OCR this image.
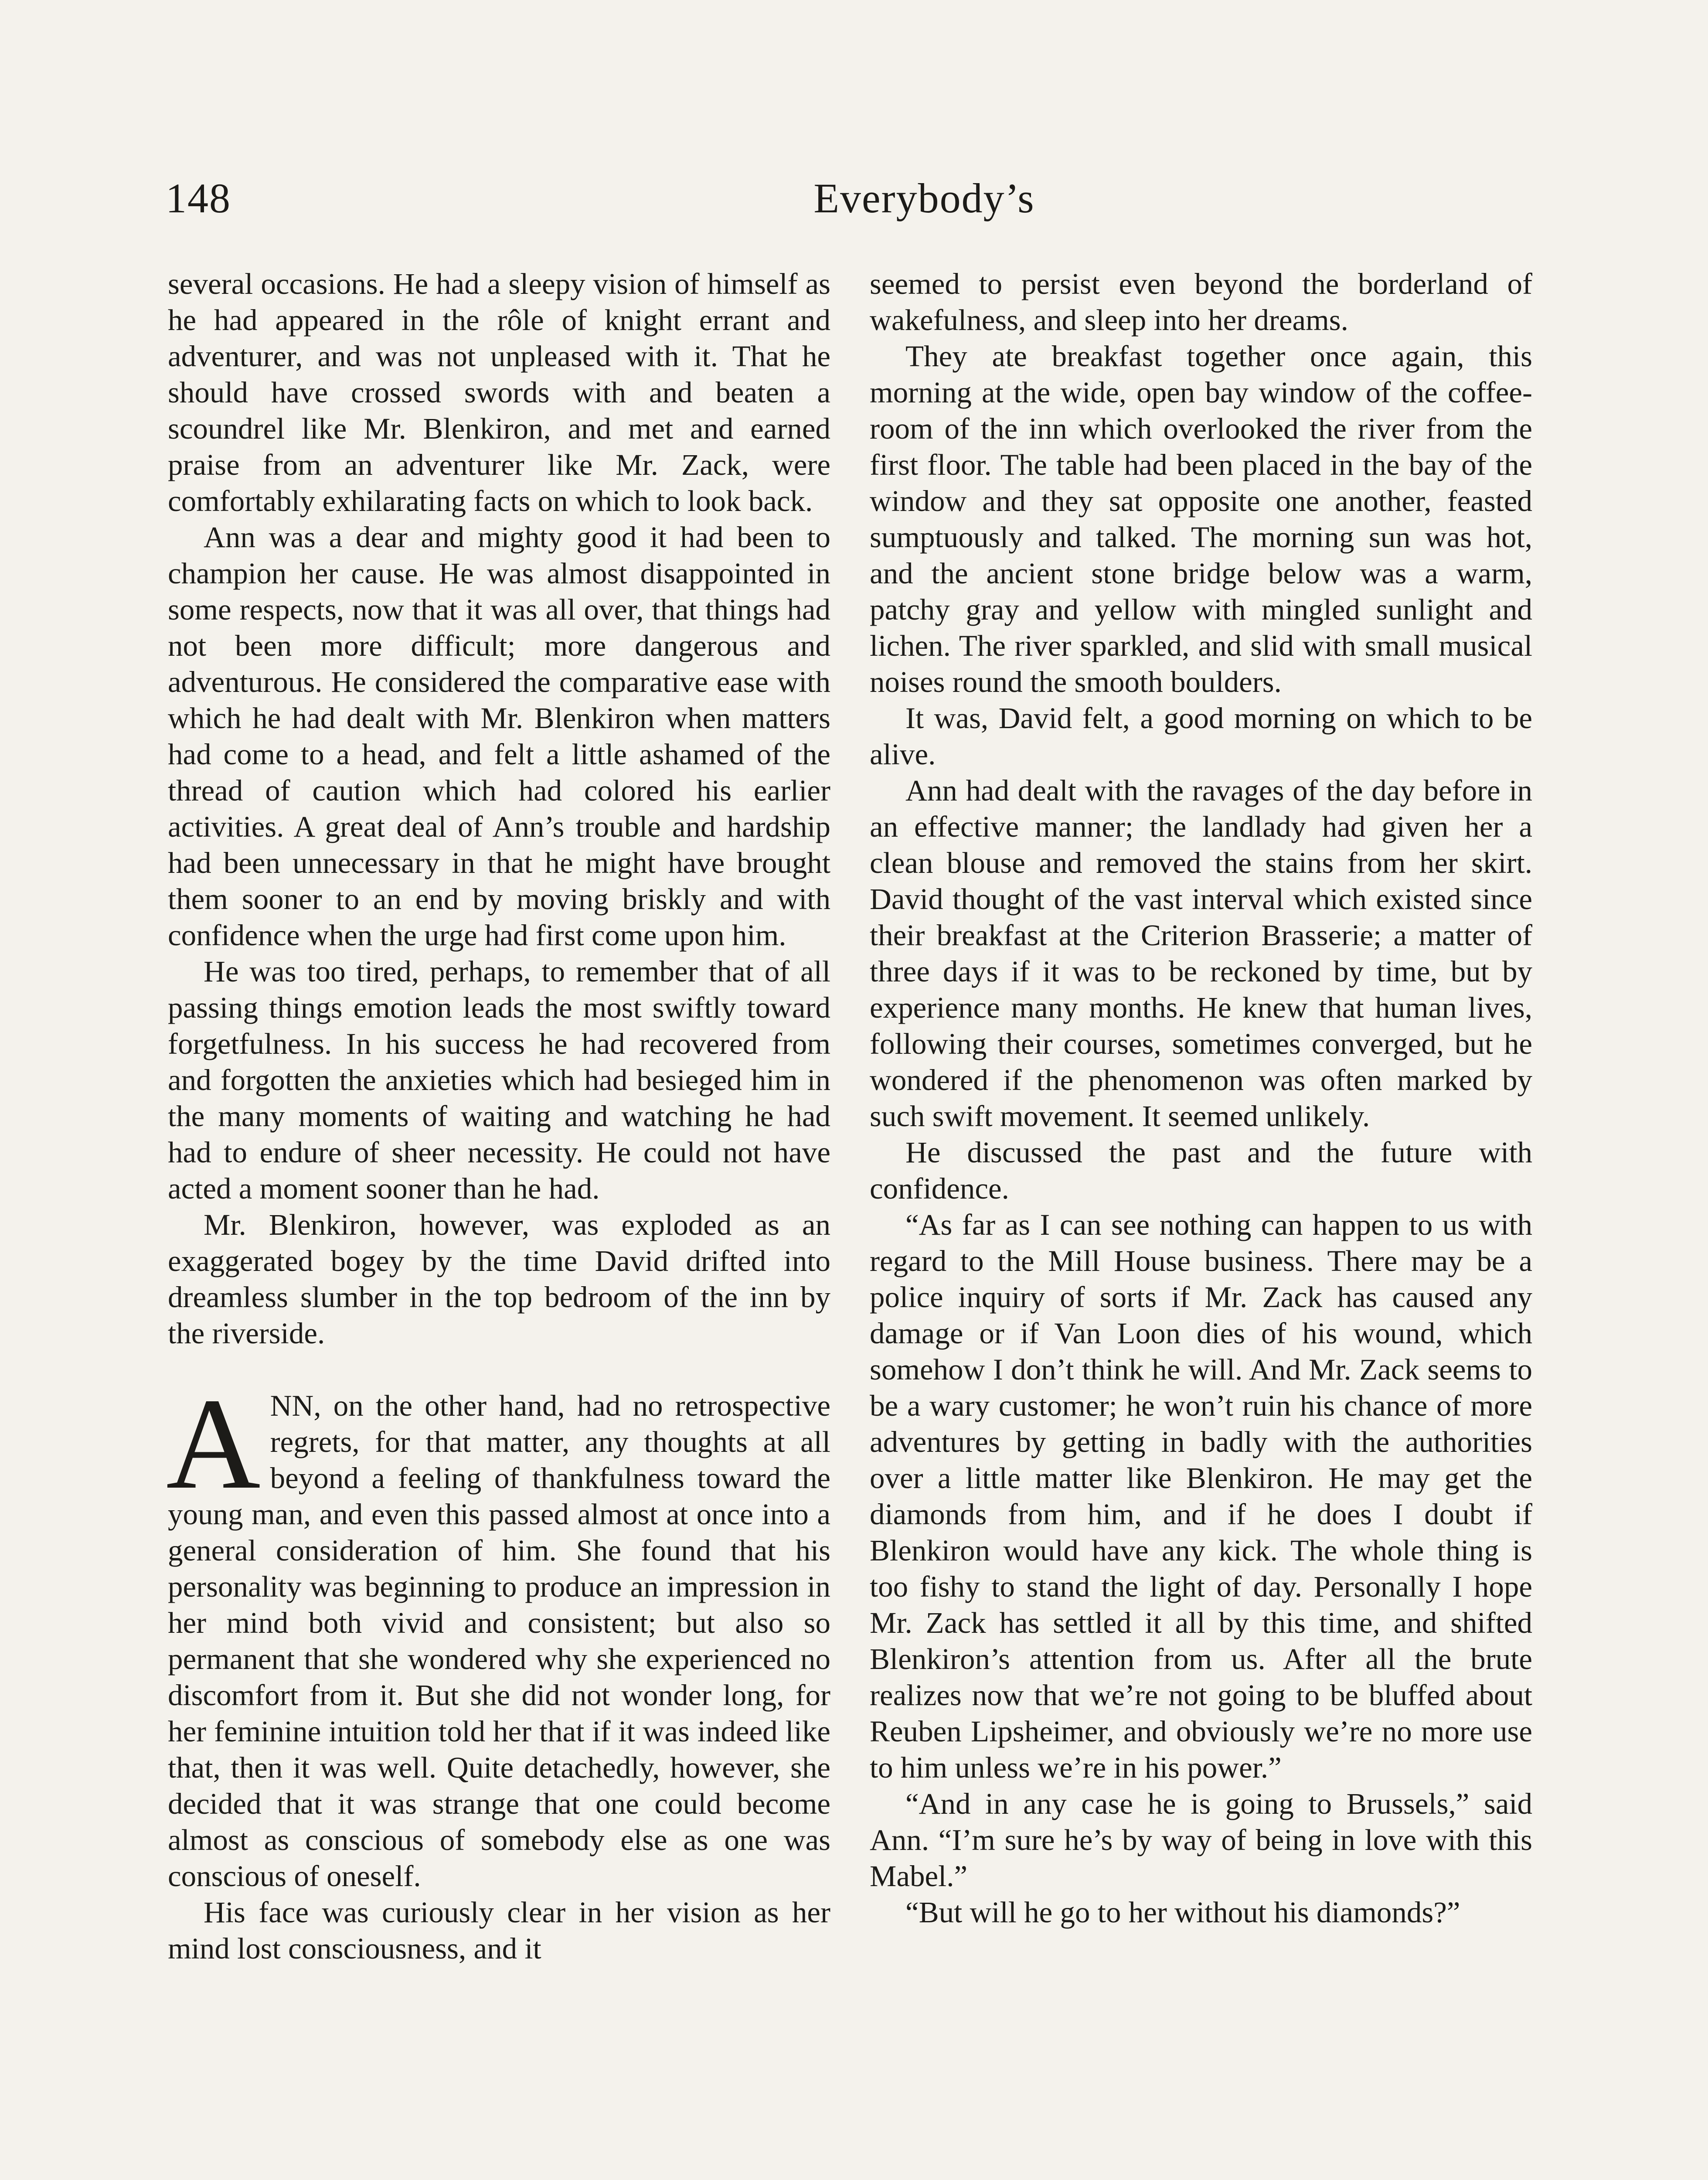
148	Everybody’s

several occasions. He had a sleepy vision of himself as he had appeared in the rôle of knight errant and adventurer, and was not unpleased with it. That he should have crossed swords with and beaten a scoundrel like Mr. Blenkiron, and met and earned praise from an adventurer like Mr. Zack, were comfortably exhilarating facts on which to look back.

Ann was a dear and mighty good it had been to champion her cause. He was almost disappointed in some respects, now that it was all over, that things had not been more difficult; more dangerous and adventurous. He considered the comparative ease with which he had dealt with Mr. Blenkiron when matters had come to a head, and felt a little ashamed of the thread of caution which had colored his earlier activities. A great deal of Ann’s trouble and hardship had been unnecessary in that he might have brought them sooner to an end by moving briskly and with confidence when the urge had first come upon him.

He was too tired, perhaps, to remember that of all passing things emotion leads the most swiftly toward forgetfulness. In his success he had recovered from and forgotten the anxieties which had besieged him in the many moments of waiting and watching he had had to endure of sheer necessity. He could not have acted a moment sooner than he had.

Mr. Blenkiron, however, was exploded as an exaggerated bogey by the time David drifted into dreamless slumber in the top bedroom of the inn by the riverside.

ANN, on the other hand, had no retrospective regrets, for that matter, any thoughts at all beyond a feeling of thankfulness toward the young man, and even this passed almost at once into a general consideration of him. She found that his personality was beginning to produce an impression in her mind both vivid and consistent; but also so permanent that she wondered why she experienced no discomfort from it. But she did not wonder long, for her feminine intuition told her that if it was indeed like that, then it was well. Quite detachedly, however, she decided that it was strange that one could become almost as conscious of somebody else as one was conscious of oneself.

His face was curiously clear in her vision as her mind lost consciousness, and it

seemed to persist even beyond the borderland of wakefulness, and sleep into her dreams.

They ate breakfast together once again, this morning at the wide, open bay window of the coffee-room of the inn which overlooked the river from the first floor. The table had been placed in the bay of the window and they sat opposite one another, feasted sumptuously and talked. The morning sun was hot, and the ancient stone bridge below was a warm, patchy gray and yellow with mingled sunlight and lichen. The river sparkled, and slid with small musical noises round the smooth boulders.

It was, David felt, a good morning on which to be alive.

Ann had dealt with the ravages of the day before in an effective manner; the landlady had given her a clean blouse and removed the stains from her skirt. David thought of the vast interval which existed since their breakfast at the Criterion Brasserie; a matter of three days if it was to be reckoned by time, but by experience many months. He knew that human lives, following their courses, sometimes converged, but he wondered if the phenomenon was often marked by such swift movement. It seemed unlikely.

He discussed the past and the future with confidence.

“As far as I can see nothing can happen to us with regard to the Mill House business. There may be a police inquiry of sorts if Mr. Zack has caused any damage or if Van Loon dies of his wound, which somehow I don’t think he will. And Mr. Zack seems to be a wary customer; he won’t ruin his chance of more adventures by getting in badly with the authorities over a little matter like Blenkiron. He may get the diamonds from him, and if he does I doubt if Blenkiron would have any kick. The whole thing is too fishy to stand the light of day. Personally I hope Mr. Zack has settled it all by this time, and shifted Blenkiron’s attention from us. After all the brute realizes now that we’re not going to be bluffed about Reuben Lipsheimer, and obviously we’re no more use to him unless we’re in his power.”

“And in any case he is going to Brussels,” said Ann. “I’m sure he’s by way of being in love with this Mabel.”

“But will he go to her without his diamonds?”
